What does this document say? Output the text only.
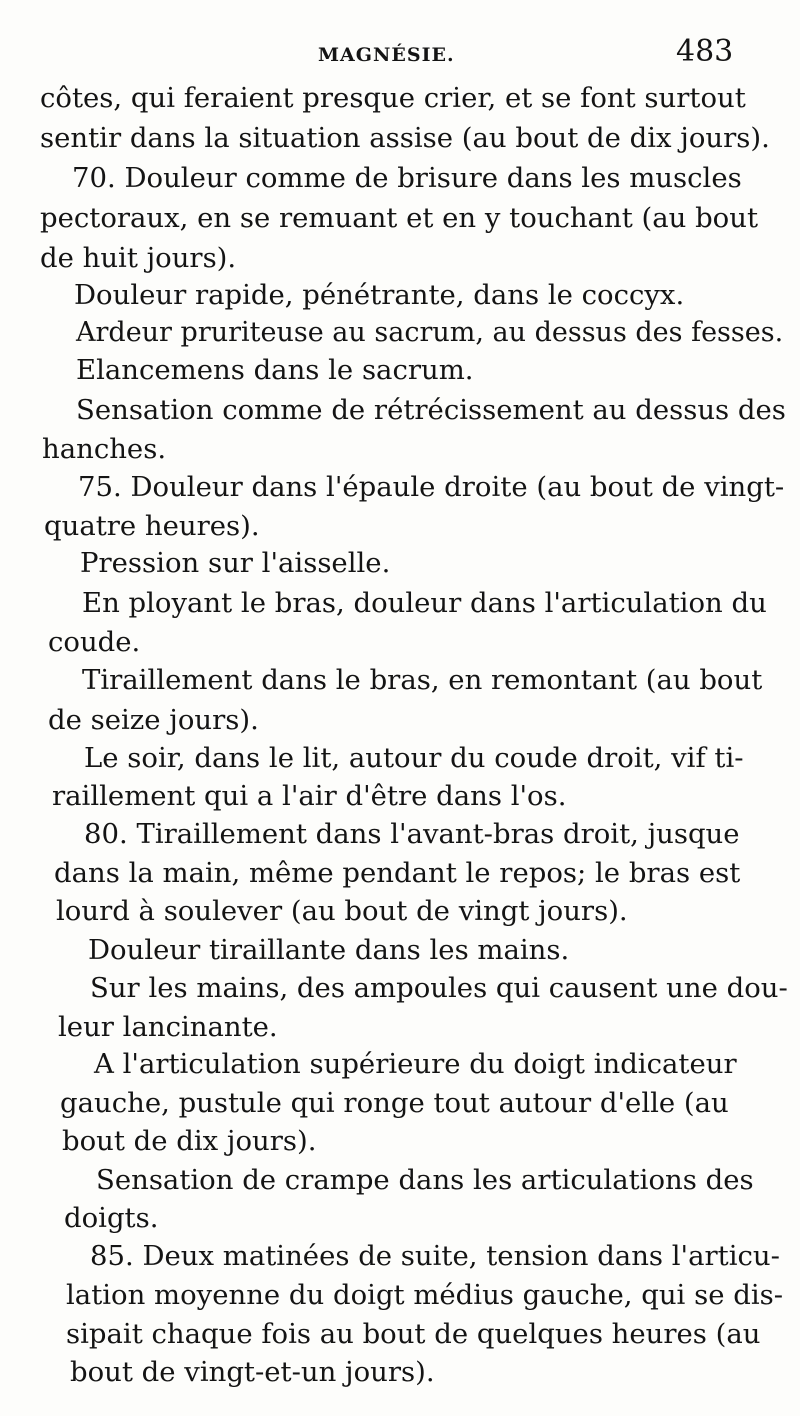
MAGNÉSIE.	483
côtes, qui feraient presque crier, et se font surtout
sentir dans la situation assise (au bout de dix jours).
70. Douleur comme de brisure dans les muscles
pectoraux, en se remuant et en y touchant (au bout
de huit jours).
Douleur rapide, pénétrante, dans le coccyx.
Ardeur pruriteuse au sacrum, au dessus des fesses.
Elancemens dans le sacrum.
Sensation comme de rétrécissement au dessus des
hanches.
75. Douleur dans l'épaule droite (au bout de vingt-
quatre heures).
Pression sur l'aisselle.
En ployant le bras, douleur dans l'articulation du
coude.
Tiraillement dans le bras, en remontant (au bout
de seize jours).
Le soir, dans le lit, autour du coude droit, vif ti-
raillement qui a l'air d'être dans l'os.
80. Tiraillement dans l'avant-bras droit, jusque
dans la main, même pendant le repos; le bras est
lourd à soulever (au bout de vingt jours).
Douleur tiraillante dans les mains.
Sur les mains, des ampoules qui causent une dou-
leur lancinante.
A l'articulation supérieure du doigt indicateur
gauche, pustule qui ronge tout autour d'elle (au
bout de dix jours).
Sensation de crampe dans les articulations des
doigts.
85. Deux matinées de suite, tension dans l'articu-
lation moyenne du doigt médius gauche, qui se dis-
sipait chaque fois au bout de quelques heures (au
bout de vingt-et-un jours).
